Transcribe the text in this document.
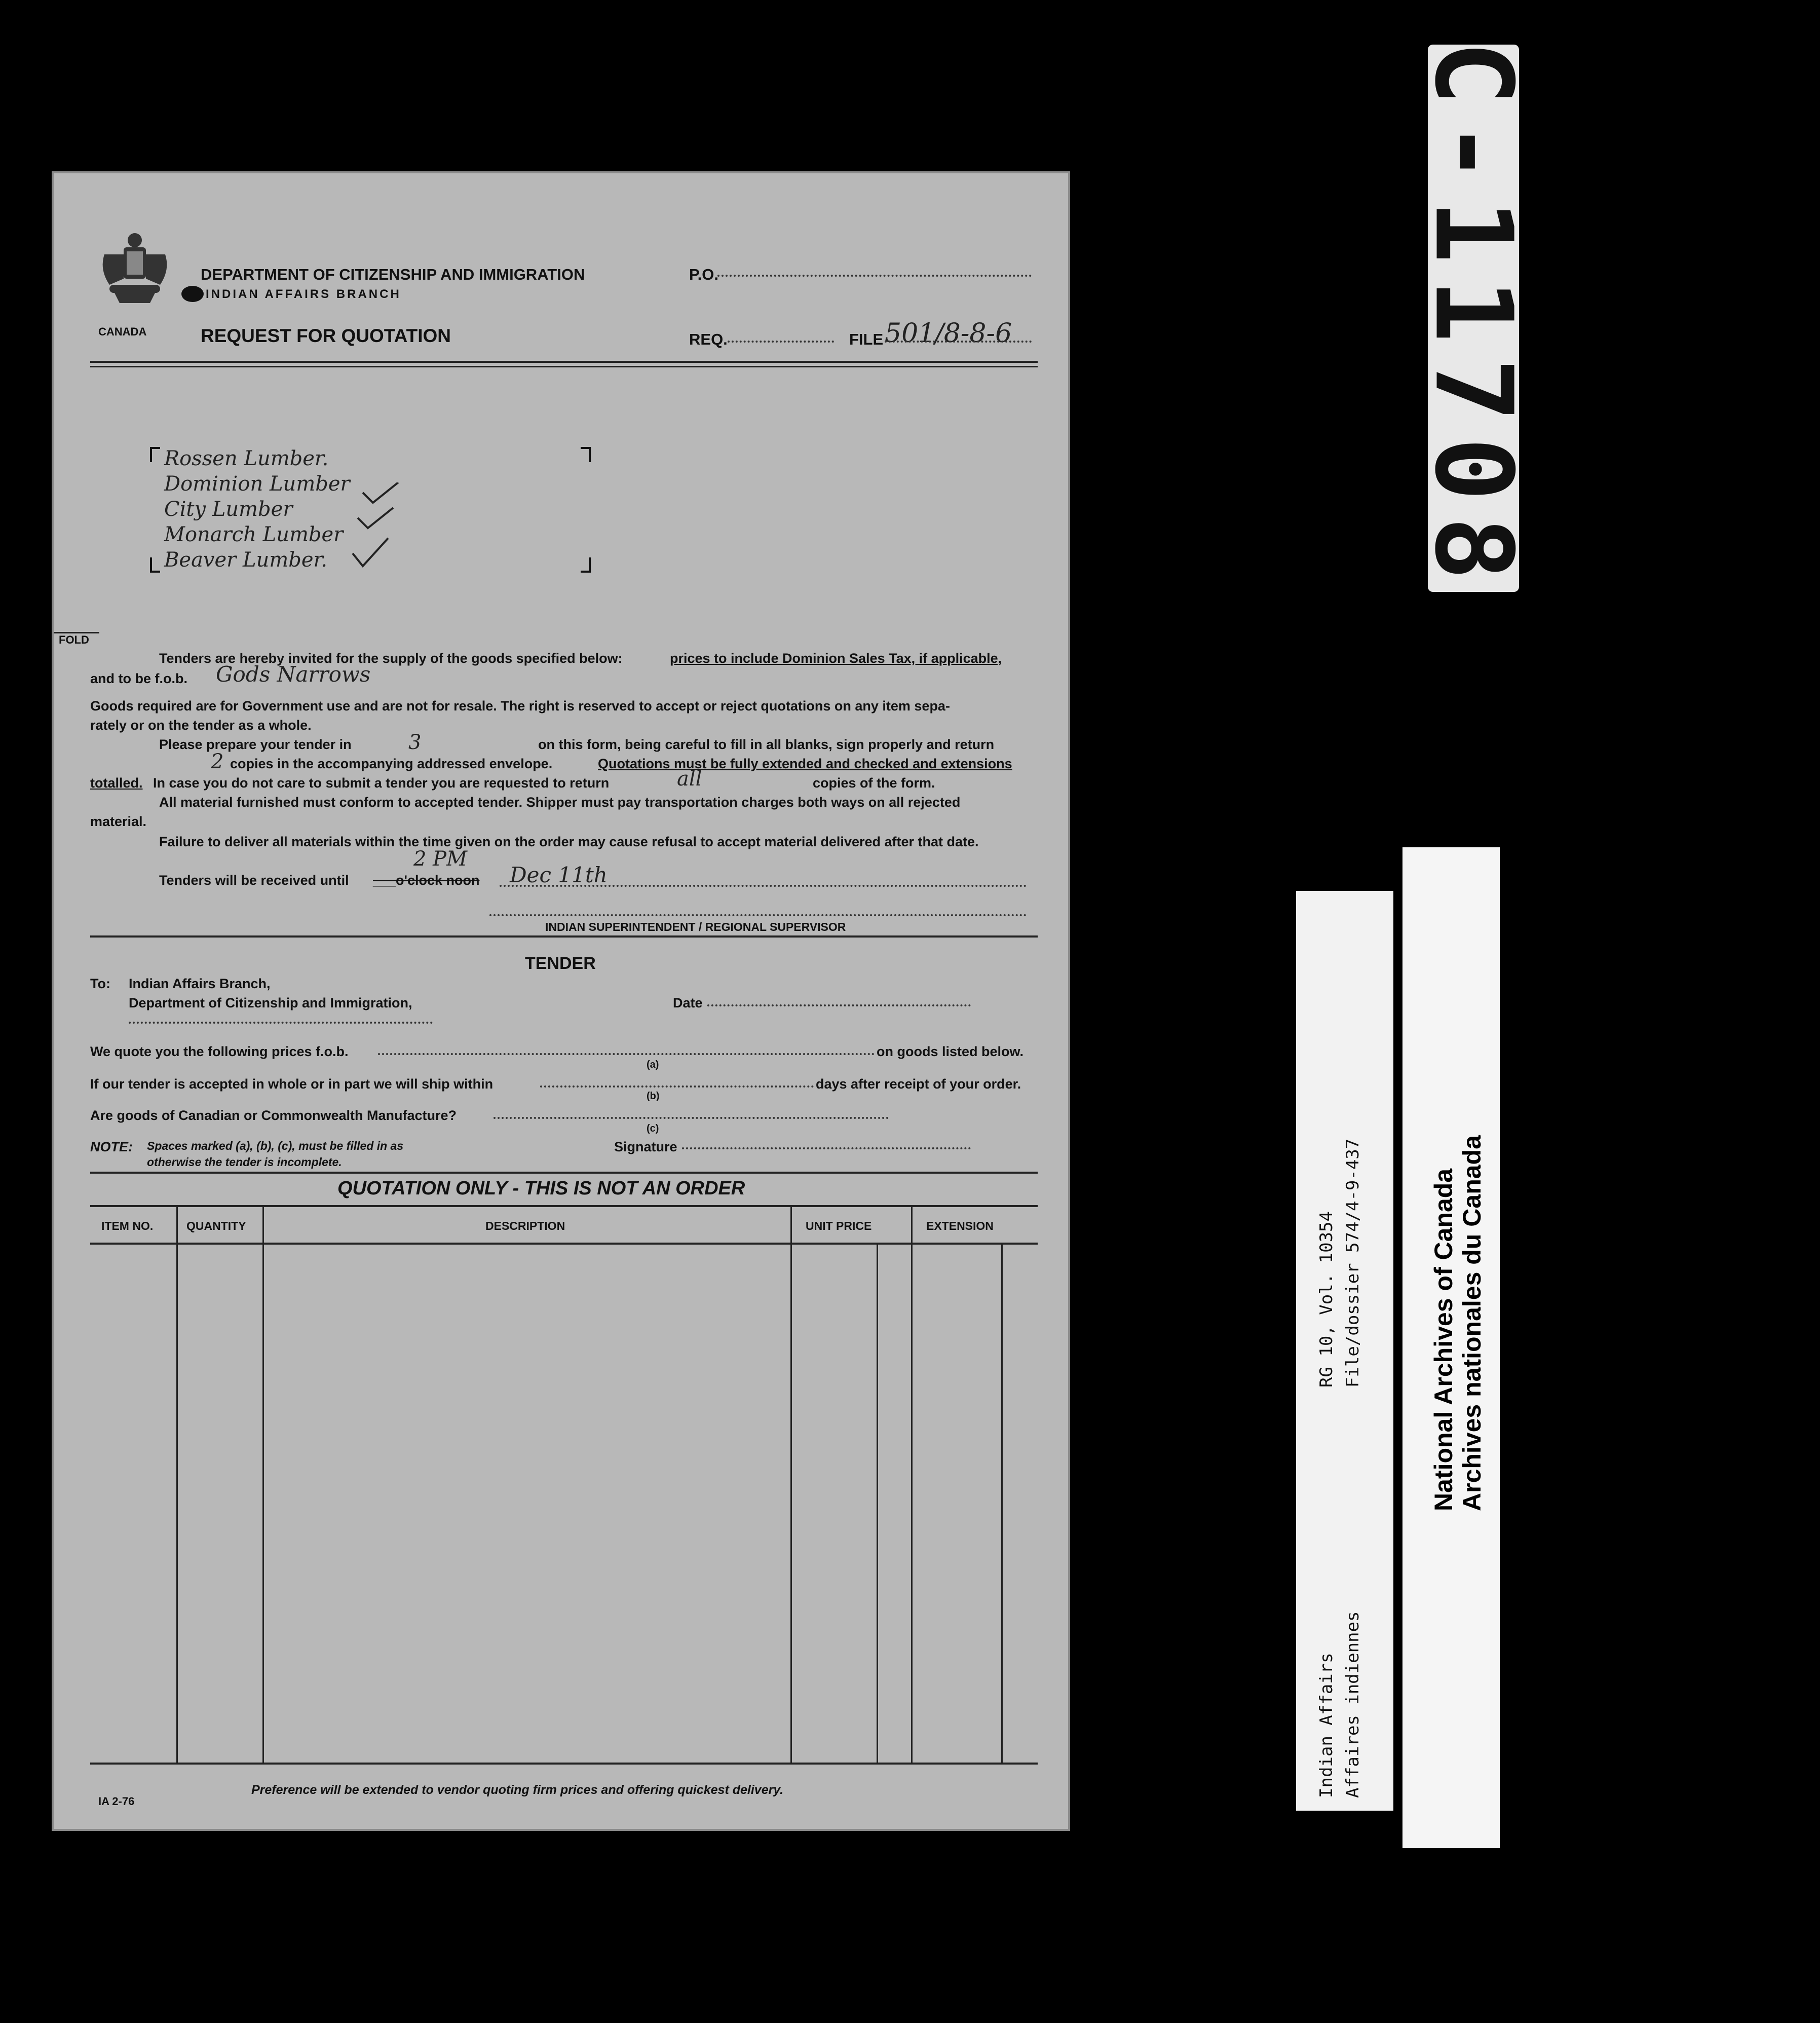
CANADA
DEPARTMENT OF CITIZENSHIP AND IMMIGRATION
INDIAN AFFAIRS BRANCH
REQUEST FOR QUOTATION
P.O.
REQ.	FILE 501/8-8-6
Rossen Lumber.
Dominion Lumber
City Lumber
Monarch Lumber
Beaver Lumber.
FOLD
Tenders are hereby invited for the supply of the goods specified below:	prices to include Dominion Sales Tax, if applicable,
and to be f.o.b. Gods Narrows
Goods required are for Government use and are not for resale. The right is reserved to accept or reject quotations on any item sepa-
rately or on the tender as a whole.
Please prepare your tender in	3	on this form, being careful to fill in all blanks, sign properly and return
2 copies in the accompanying addressed envelope.	Quotations must be fully extended and checked and extensions
totalled. In case you do not care to submit a tender you are requested to return	all	copies of the form.
All material furnished must conform to accepted tender. Shipper must pay transportation charges both ways on all rejected
material.
Failure to deliver all materials within the time given on the order may cause refusal to accept material delivered after that date.
Tenders will be received until ___o'clock noon
2 PM
Dec 11th
INDIAN SUPERINTENDENT / REGIONAL SUPERVISOR
TENDER
To: Indian Affairs Branch,
Department of Citizenship and Immigration,	Date
We quote you the following prices f.o.b.	on goods listed below.
(a)
If our tender is accepted in whole or in part we will ship within	days after receipt of your order.
(b)
Are goods of Canadian or Commonwealth Manufacture?
(c)
NOTE: Spaces marked (a), (b), (c), must be filled in as
otherwise the tender is incomplete.
Signature
QUOTATION ONLY - THIS IS NOT AN ORDER
ITEM NO.	QUANTITY	DESCRIPTION	UNIT PRICE	EXTENSION
IA 2-76
Preference will be extended to vendor quoting firm prices and offering quickest delivery.
C-11708
RG 10, Vol. 10354 File/dossier 574/4-9-437
Indian Affairs Affaires indiennes
National Archives of Canada Archives nationales du Canada
